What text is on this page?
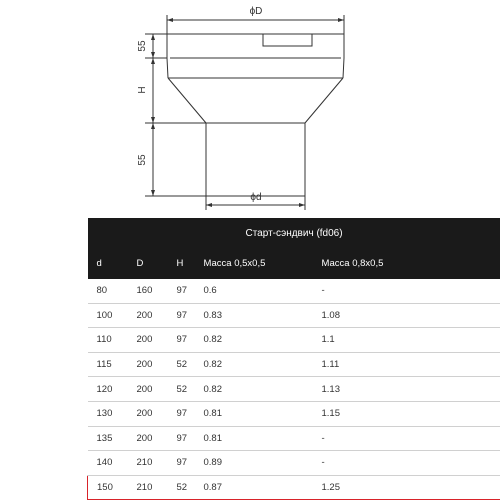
ϕD
ϕd
55
H
55
Старт-сэндвич (fd06)				
d	D	H	Масса 0,5x0,5	Масса 0,8x0,5
80	160	97	0.6	-
100	200	97	0.83	1.08
110	200	97	0.82	1.1
115	200	52	0.82	1.11
120	200	52	0.82	1.13
130	200	97	0.81	1.15
135	200	97	0.81	-
140	210	97	0.89	-
150	210	52	0.87	1.25
